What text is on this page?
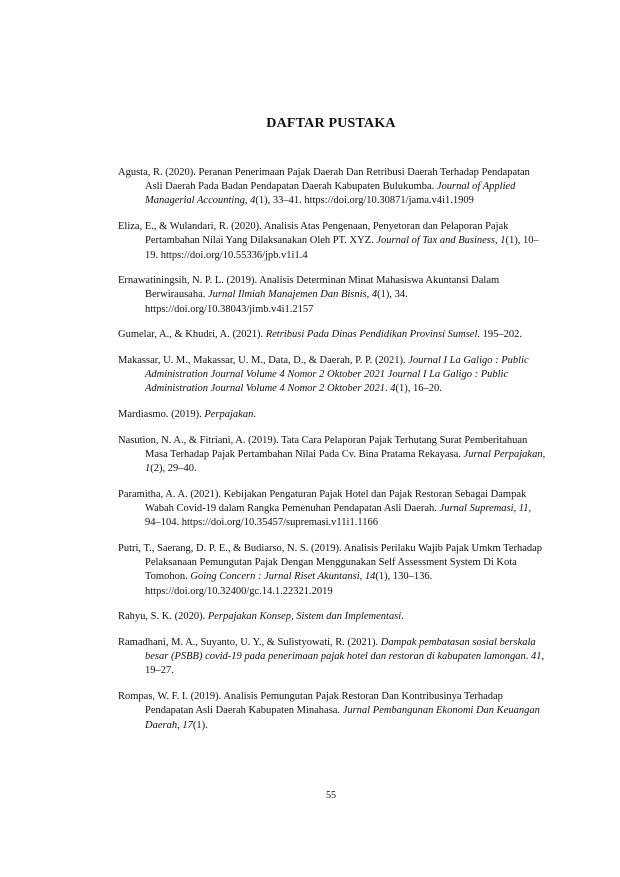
DAFTAR PUSTAKA
Agusta, R. (2020). Peranan Penerimaan Pajak Daerah Dan Retribusi Daerah Terhadap Pendapatan Asli Daerah Pada Badan Pendapatan Daerah Kabupaten Bulukumba. Journal of Applied Managerial Accounting, 4(1), 33–41. https://doi.org/10.30871/jama.v4i1.1909
Eliza, E., & Wulandari, R. (2020). Analisis Atas Pengenaan, Penyetoran dan Pelaporan Pajak Pertambahan Nilai Yang Dilaksanakan Oleh PT. XYZ. Journal of Tax and Business, 1(1), 10–19. https://doi.org/10.55336/jpb.v1i1.4
Ernawatiningsih, N. P. L. (2019). Analisis Determinan Minat Mahasiswa Akuntansi Dalam Berwirausaha. Jurnal Ilmiah Manajemen Dan Bisnis, 4(1), 34. https://doi.org/10.38043/jimb.v4i1.2157
Gumelar, A., & Khudri, A. (2021). Retribusi Pada Dinas Pendidikan Provinsi Sumsel. 195–202.
Makassar, U. M., Makassar, U. M., Data, D., & Daerah, P. P. (2021). Journal I La Galigo : Public Administration Journal Volume 4 Nomor 2 Oktober 2021 Journal I La Galigo : Public Administration Journal Volume 4 Nomor 2 Oktober 2021. 4(1), 16–20.
Mardiasmo. (2019). Perpajakan.
Nasution, N. A., & Fitriani, A. (2019). Tata Cara Pelaporan Pajak Terhutang Surat Pemberitahuan Masa Terhadap Pajak Pertambahan Nilai Pada Cv. Bina Pratama Rekayasa. Jurnal Perpajakan, 1(2), 29–40.
Paramitha, A. A. (2021). Kebijakan Pengaturan Pajak Hotel dan Pajak Restoran Sebagai Dampak Wabah Covid-19 dalam Rangka Pemenuhan Pendapatan Asli Daerah. Jurnal Supremasi, 11, 94–104. https://doi.org/10.35457/supremasi.v11i1.1166
Putri, T., Saerang, D. P. E., & Budiarso, N. S. (2019). Analisis Perilaku Wajib Pajak Umkm Terhadap Pelaksanaan Pemungutan Pajak Dengan Menggunakan Self Assessment System Di Kota Tomohon. Going Concern : Jurnal Riset Akuntansi, 14(1), 130–136. https://doi.org/10.32400/gc.14.1.22321.2019
Rahyu, S. K. (2020). Perpajakan Konsep, Sistem dan Implementasi.
Ramadhani, M. A., Suyanto, U. Y., & Sulistyowati, R. (2021). Dampak pembatasan sosial berskala besar (PSBB) covid-19 pada penerimaan pajak hotel dan restoran di kabupaten lamongan. 41, 19–27.
Rompas, W. F. I. (2019). Analisis Pemungutan Pajak Restoran Dan Kontribusinya Terhadap Pendapatan Asli Daerah Kabupaten Minahasa. Jurnal Pembangunan Ekonomi Dan Keuangan Daerah, 17(1).
55
